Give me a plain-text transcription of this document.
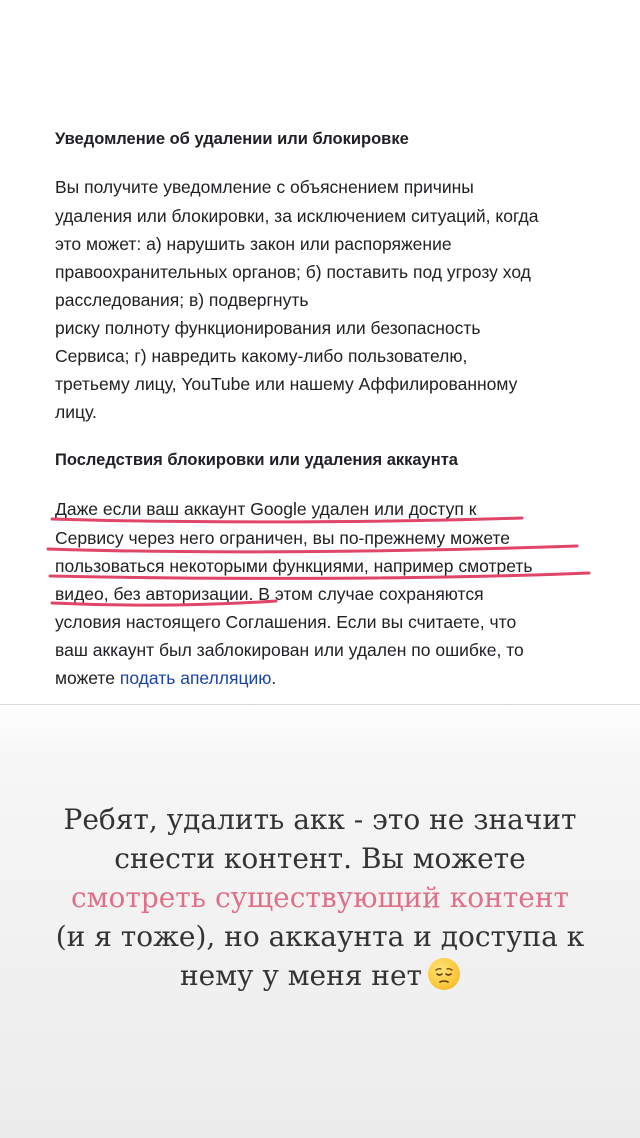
Уведомление об удалении или блокировке
Вы получите уведомление с объяснением причины
удаления или блокировки, за исключением ситуаций, когда
это может: а) нарушить закон или распоряжение
правоохранительных органов; б) поставить под угрозу ход
расследования; в) подвергнуть
риску полноту функционирования или безопасность
Сервиса; г) навредить какому-либо пользователю,
третьему лицу, YouTube или нашему Аффилированному
лицу.
Последствия блокировки или удаления аккаунта
Даже если ваш аккаунт Google удален или доступ к
Сервису через него ограничен, вы по-прежнему можете
пользоваться некоторыми функциями, например смотреть
видео, без авторизации. В этом случае сохраняются
условия настоящего Соглашения. Если вы считаете, что
ваш аккаунт был заблокирован или удален по ошибке, то
можете подать апелляцию.
Ребят, удалить акк - это не значит
снести контент. Вы можете
смотреть существующий контент
(и я тоже), но аккаунта и доступа к
нему у меня нет
